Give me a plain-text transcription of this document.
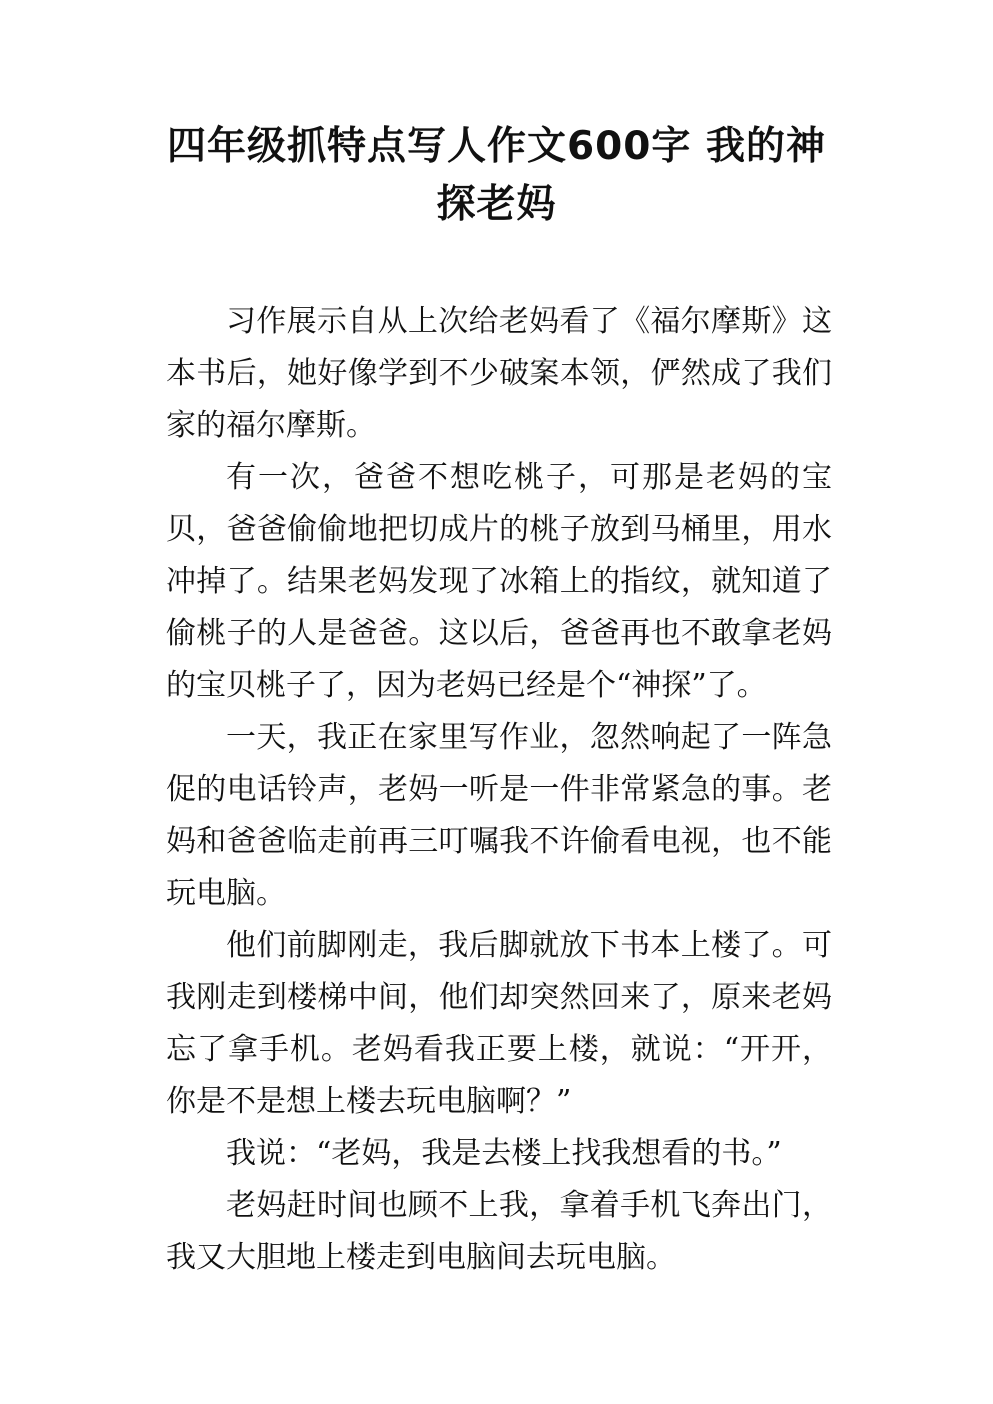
四年级抓特点写人作文600字 我的神探老妈

习作展示自从上次给老妈看了《福尔摩斯》这本书后，她好像学到不少破案本领，俨然成了我们家的福尔摩斯。

有一次，爸爸不想吃桃子，可那是老妈的宝贝，爸爸偷偷地把切成片的桃子放到马桶里，用水冲掉了。结果老妈发现了冰箱上的指纹，就知道了偷桃子的人是爸爸。这以后，爸爸再也不敢拿老妈的宝贝桃子了，因为老妈已经是个“神探”了。

一天，我正在家里写作业，忽然响起了一阵急促的电话铃声，老妈一听是一件非常紧急的事。老妈和爸爸临走前再三叮嘱我不许偷看电视，也不能玩电脑。

他们前脚刚走，我后脚就放下书本上楼了。可我刚走到楼梯中间，他们却突然回来了，原来老妈忘了拿手机。老妈看我正要上楼，就说：“开开，你是不是想上楼去玩电脑啊？”

我说：“老妈，我是去楼上找我想看的书。”

老妈赶时间也顾不上我，拿着手机飞奔出门，我又大胆地上楼走到电脑间去玩电脑。
